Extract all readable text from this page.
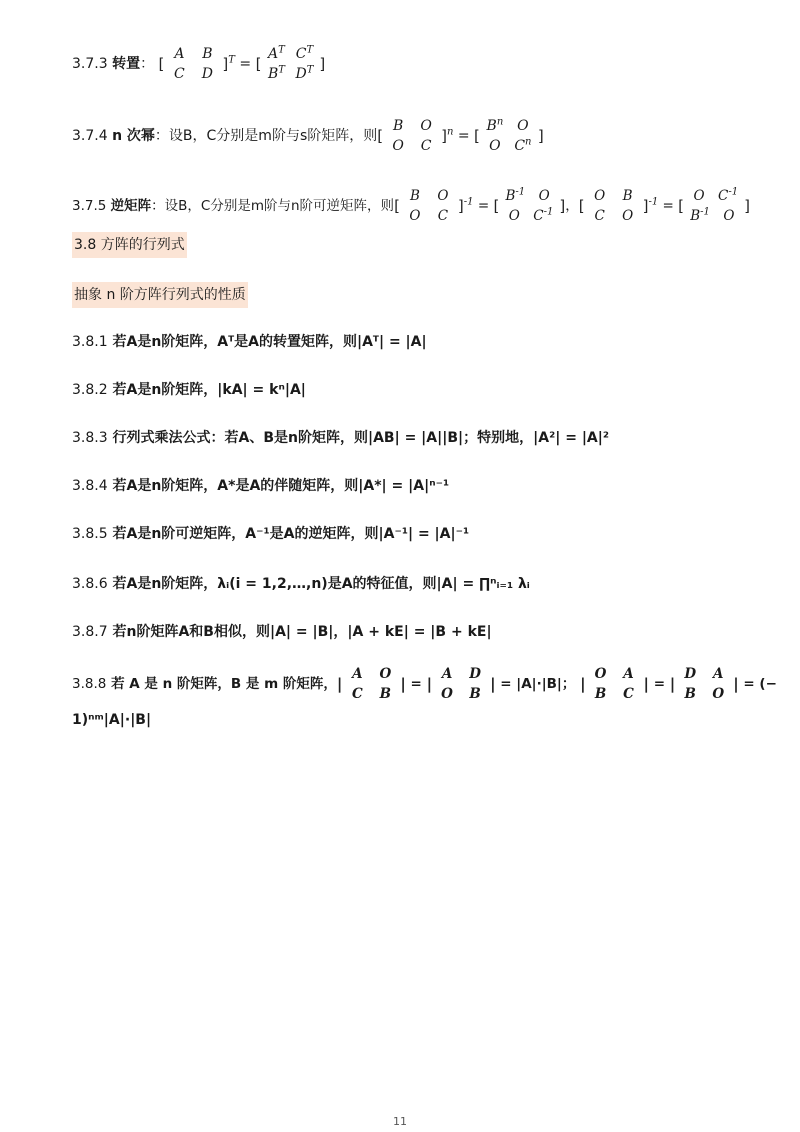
3.7.3 转置： [
A B
C D
]$^T$ = [
$A^T$ $C^T$
$B^T$ $D^T$ ]
3.7.4 n 次幂：设B，C分别是m阶与s阶矩阵，则[
B O
O C
]$^n$ = [
$B^n$ O
O $C^n$ ]
3.7.5 逆矩阵：设B，C分别是m阶与n阶可逆矩阵，则[
B O
O C
]$^{-1}$ = [
$B^{-1}$ O
O $C^{-1}$ ]，[
O B
C O
]$^{-1}$ = [
O $C^{-1}$
$B^{-1}$ O
]
3.8 方阵的行列式
抽象 n 阶方阵行列式的性质
3.8.1 若A是n阶矩阵，Aᵀ是A的转置矩阵，则|Aᵀ| = |A|
3.8.2 若A是n阶矩阵，|kA| = kⁿ|A|
3.8.3 行列式乘法公式：若A、B是n阶矩阵，则|AB| = |A||B|；特别地，|A²| = |A|²
3.8.4 若A是n阶矩阵，A*是A的伴随矩阵，则|A*| = |A|ⁿ⁻¹
3.8.5 若A是n阶可逆矩阵，A⁻¹是A的逆矩阵，则|A⁻¹| = |A|⁻¹
3.8.6 若A是n阶矩阵，λᵢ(i = 1,2,…,n)是A的特征值，则|A| = ∏ⁿᵢ₌₁ λᵢ
3.8.7 若n阶矩阵A和B相似，则|A| = |B|，|A + kE| = |B + kE|
3.8.8 若 A 是 n 阶矩阵，B 是 m 阶矩阵，|
A O
C B
| = |
A D
O B
| = |A|·|B|； |
O A
B C
| = |
D A
B O
| = (−
1)ⁿᵐ|A|·|B|
11
